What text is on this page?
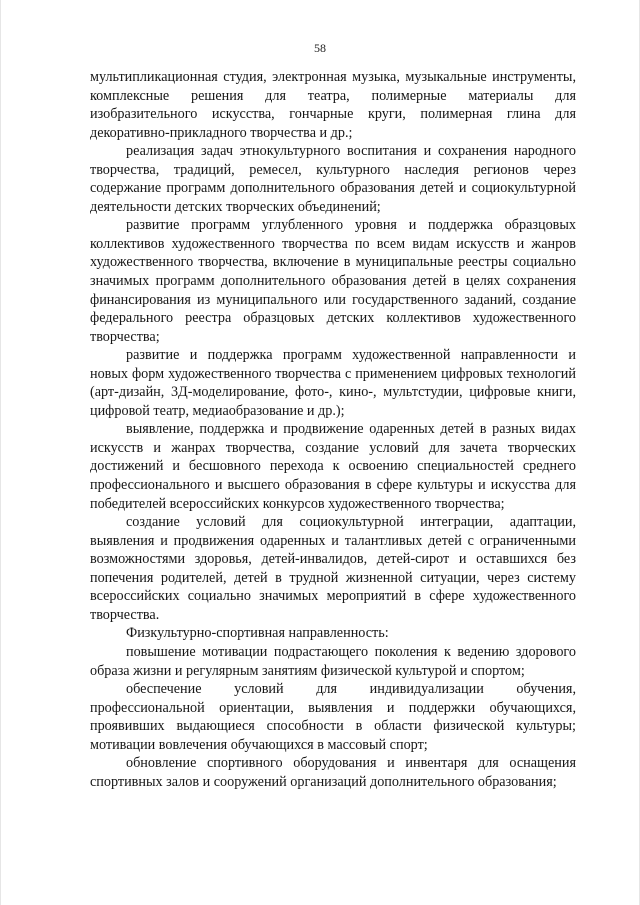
58

мультипликационная студия, электронная музыка, музыкальные инструменты, комплексные решения для театра, полимерные материалы для изобразительного искусства, гончарные круги, полимерная глина для декоративно-прикладного творчества и др.;

реализация задач этнокультурного воспитания и сохранения народного творчества, традиций, ремесел, культурного наследия регионов через содержание программ дополнительного образования детей и социокультурной деятельности детских творческих объединений;

развитие программ углубленного уровня и поддержка образцовых коллективов художественного творчества по всем видам искусств и жанров художественного творчества, включение в муниципальные реестры социально значимых программ дополнительного образования детей в целях сохранения финансирования из муниципального или государственного заданий, создание федерального реестра образцовых детских коллективов художественного творчества;

развитие и поддержка программ художественной направленности и новых форм художественного творчества с применением цифровых технологий (арт-дизайн, 3Д-моделирование, фото-, кино-, мультстудии, цифровые книги, цифровой театр, медиаобразование и др.);

выявление, поддержка и продвижение одаренных детей в разных видах искусств и жанрах творчества, создание условий для зачета творческих достижений и бесшовного перехода к освоению специальностей среднего профессионального и высшего образования в сфере культуры и искусства для победителей всероссийских конкурсов художественного творчества;

создание условий для социокультурной интеграции, адаптации, выявления и продвижения одаренных и талантливых детей с ограниченными возможностями здоровья, детей-инвалидов, детей-сирот и оставшихся без попечения родителей, детей в трудной жизненной ситуации, через систему всероссийских социально значимых мероприятий в сфере художественного творчества.

Физкультурно-спортивная направленность:

повышение мотивации подрастающего поколения к ведению здорового образа жизни и регулярным занятиям физической культурой и спортом;

обеспечение условий для индивидуализации обучения, профессиональной ориентации, выявления и поддержки обучающихся, проявивших выдающиеся способности в области физической культуры; мотивации вовлечения обучающихся в массовый спорт;

обновление спортивного оборудования и инвентаря для оснащения спортивных залов и сооружений организаций дополнительного образования;
